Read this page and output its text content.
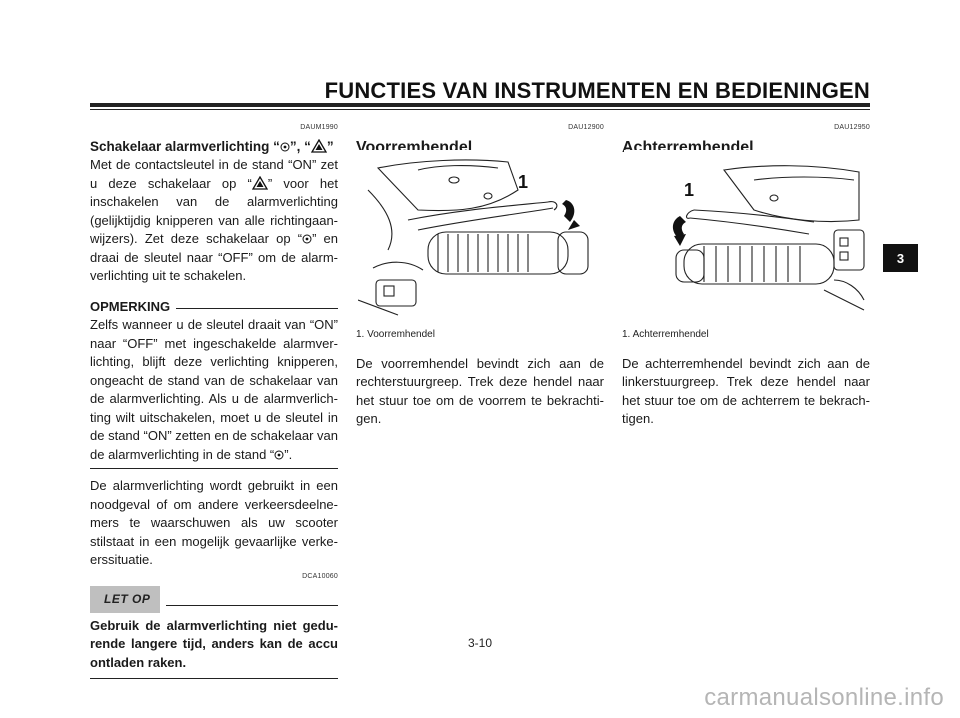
FUNCTIES VAN INSTRUMENTEN EN BEDIENINGEN
DAUM1990
Schakelaar alarmverlichting “ ”, “ ”
Met de contactsleutel in de stand “ON” zet u deze schakelaar op “ ” voor het inschakelen van de alarmverlichting (gelijktijdig knipperen van alle richtingaan-wijzers). Zet deze schakelaar op “ ” en draai de sleutel naar “OFF” om de alarm-verlichting uit te schakelen.
OPMERKING
Zelfs wanneer u de sleutel draait van “ON” naar “OFF” met ingeschakelde alarmver-lichting, blijft deze verlichting knipperen, ongeacht de stand van de schakelaar van de alarmverlichting. Als u de alarmverlich-ting wilt uitschakelen, moet u de sleutel in de stand “ON” zetten en de schakelaar van de alarmverlichting in de stand “ ”.
De alarmverlichting wordt gebruikt in een noodgeval of om andere verkeersdeelne-mers te waarschuwen als uw scooter stilstaat in een mogelijk gevaarlijke verke-erssituatie.
DCA10060
LET OP
Gebruik de alarmverlichting niet gedu-rende langere tijd, anders kan de accu ontladen raken.
DAU12900
Voorremhendel
1
1. Voorremhendel
De voorremhendel bevindt zich aan de rechterstuurgreep. Trek deze hendel naar het stuur toe om de voorrem te bekrachti-gen.
DAU12950
Achterremhendel
1
1. Achterremhendel
De achterremhendel bevindt zich aan de linkerstuurgreep. Trek deze hendel naar het stuur toe om de achterrem te bekrach-tigen.
3
3-10
carmanualsonline.info
